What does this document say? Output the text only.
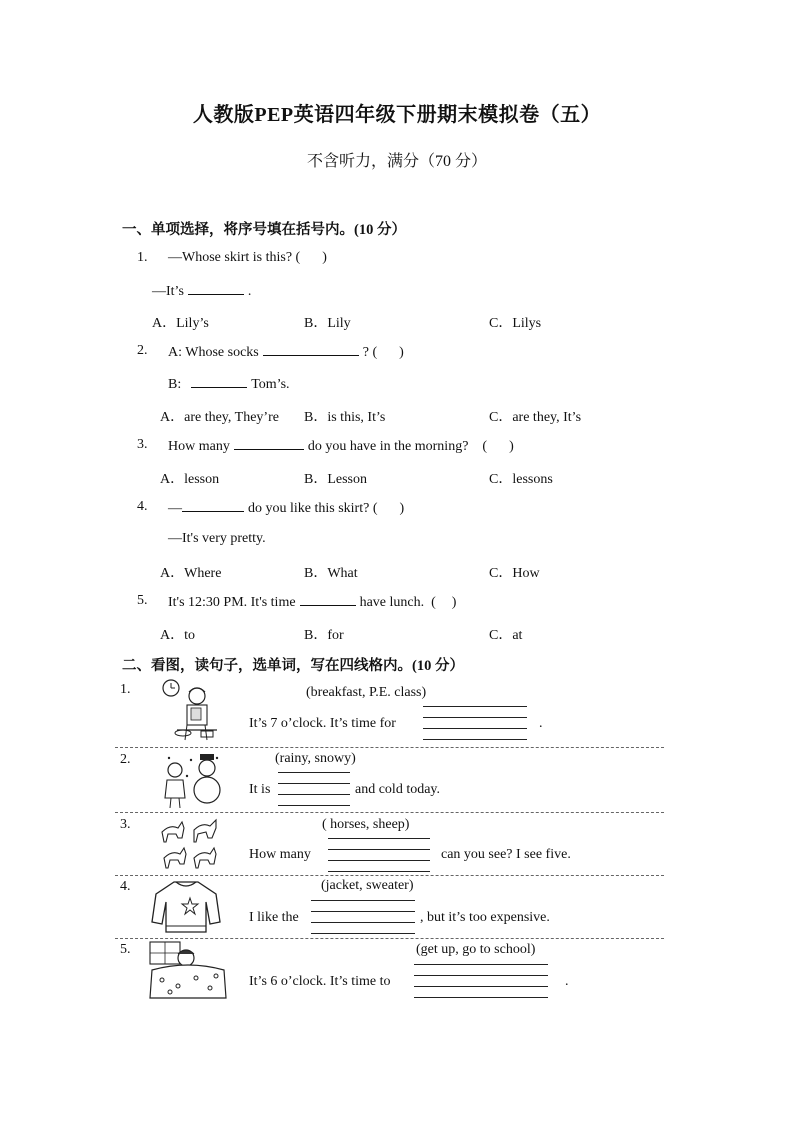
人教版PEP英语四年级下册期末模拟卷（五）
不含听力，满分（70 分）
一、单项选择，将序号填在括号内。(10 分）
1. —Whose skirt is this? ( )
—It’s	.
A．Lily’s	B．Lily	C．Lilys
2. A: Whose socks	? ( )
B:	Tom’s.
A．are they, They’re B．is this, It’s	C．are they, It’s
3. How many	do you have in the morning? ( )
A．lesson	B．Lesson	C．lessons
4. —	do you like this skirt? ( )
—It's very pretty.
A．Where	B．What	C．How
5. It's 12:30 PM. It's time	have lunch. ( )
A．to	B．for	C．at
二、看图，读句子，选单词，写在四线格内。(10 分）
1.	(breakfast, P.E. class)
It’s 7 o’clock. It’s time for	.
2.	(rainy, snowy)
It is	and cold today.
3.	( horses, sheep)
How many	can you see? I see five.
4.	(jacket, sweater)
I like the	, but it’s too expensive.
5.	(get up, go to school)
It’s 6 o’clock. It’s time to	.
